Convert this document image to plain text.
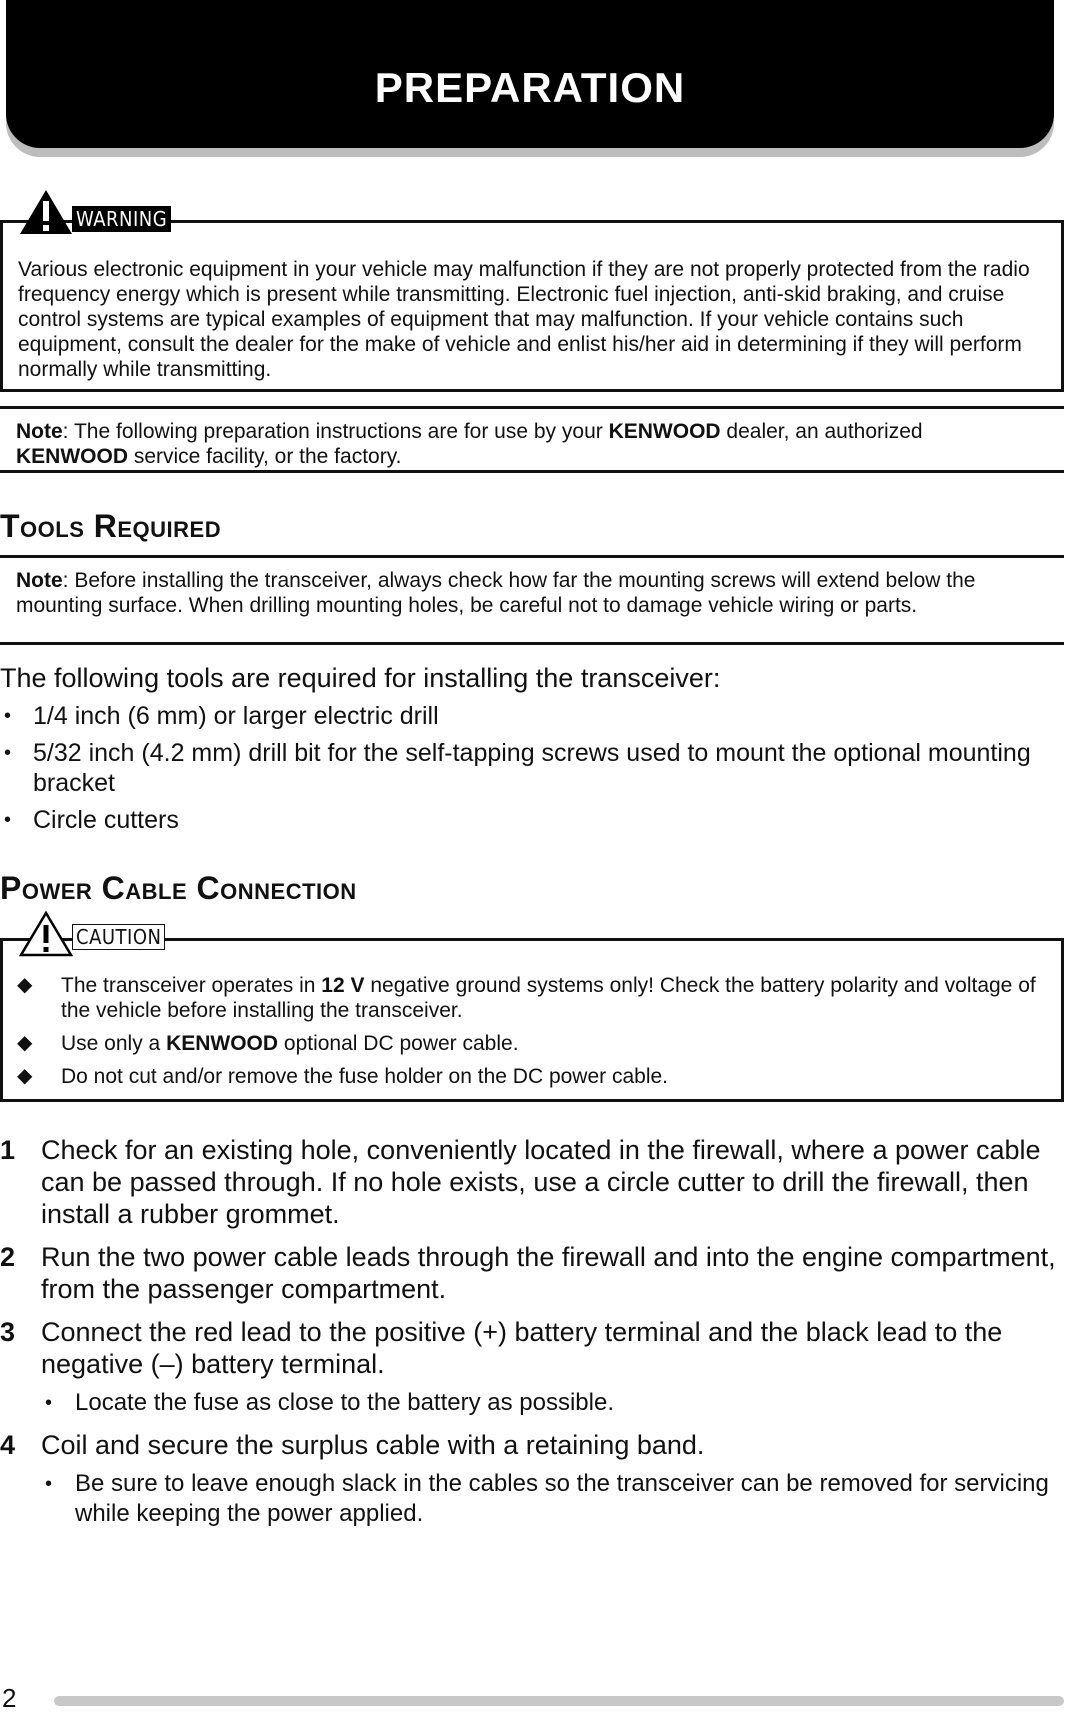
PREPARATION
Various electronic equipment in your vehicle may malfunction if they are not properly protected from the radio frequency energy which is present while transmitting. Electronic fuel injection, anti-skid braking, and cruise control systems are typical examples of equipment that may malfunction. If your vehicle contains such equipment, consult the dealer for the make of vehicle and enlist his/her aid in determining if they will perform normally while transmitting.
WARNING
Note: The following preparation instructions are for use by your KENWOOD dealer, an authorized
KENWOOD service facility, or the factory.
Tools Required
Note: Before installing the transceiver, always check how far the mounting screws will extend below the mounting surface. When drilling mounting holes, be careful not to damage vehicle wiring or parts.
The following tools are required for installing the transceiver:
• 1/4 inch (6 mm) or larger electric drill
• 5/32 inch (4.2 mm) drill bit for the self-tapping screws used to mount the optional mounting bracket
• Circle cutters
Power Cable Connection
◆ The transceiver operates in 12 V negative ground systems only! Check the battery polarity and voltage of the vehicle before installing the transceiver.
◆ Use only a KENWOOD optional DC power cable.
◆ Do not cut and/or remove the fuse holder on the DC power cable.
CAUTION
1 Check for an existing hole, conveniently located in the firewall, where a power cable can be passed through. If no hole exists, use a circle cutter to drill the firewall, then install a rubber grommet.
2 Run the two power cable leads through the firewall and into the engine compartment, from the passenger compartment.
3 Connect the red lead to the positive (+) battery terminal and the black lead to the negative (–) battery terminal.
• Locate the fuse as close to the battery as possible.
4 Coil and secure the surplus cable with a retaining band.
• Be sure to leave enough slack in the cables so the transceiver can be removed for servicing while keeping the power applied.
2
